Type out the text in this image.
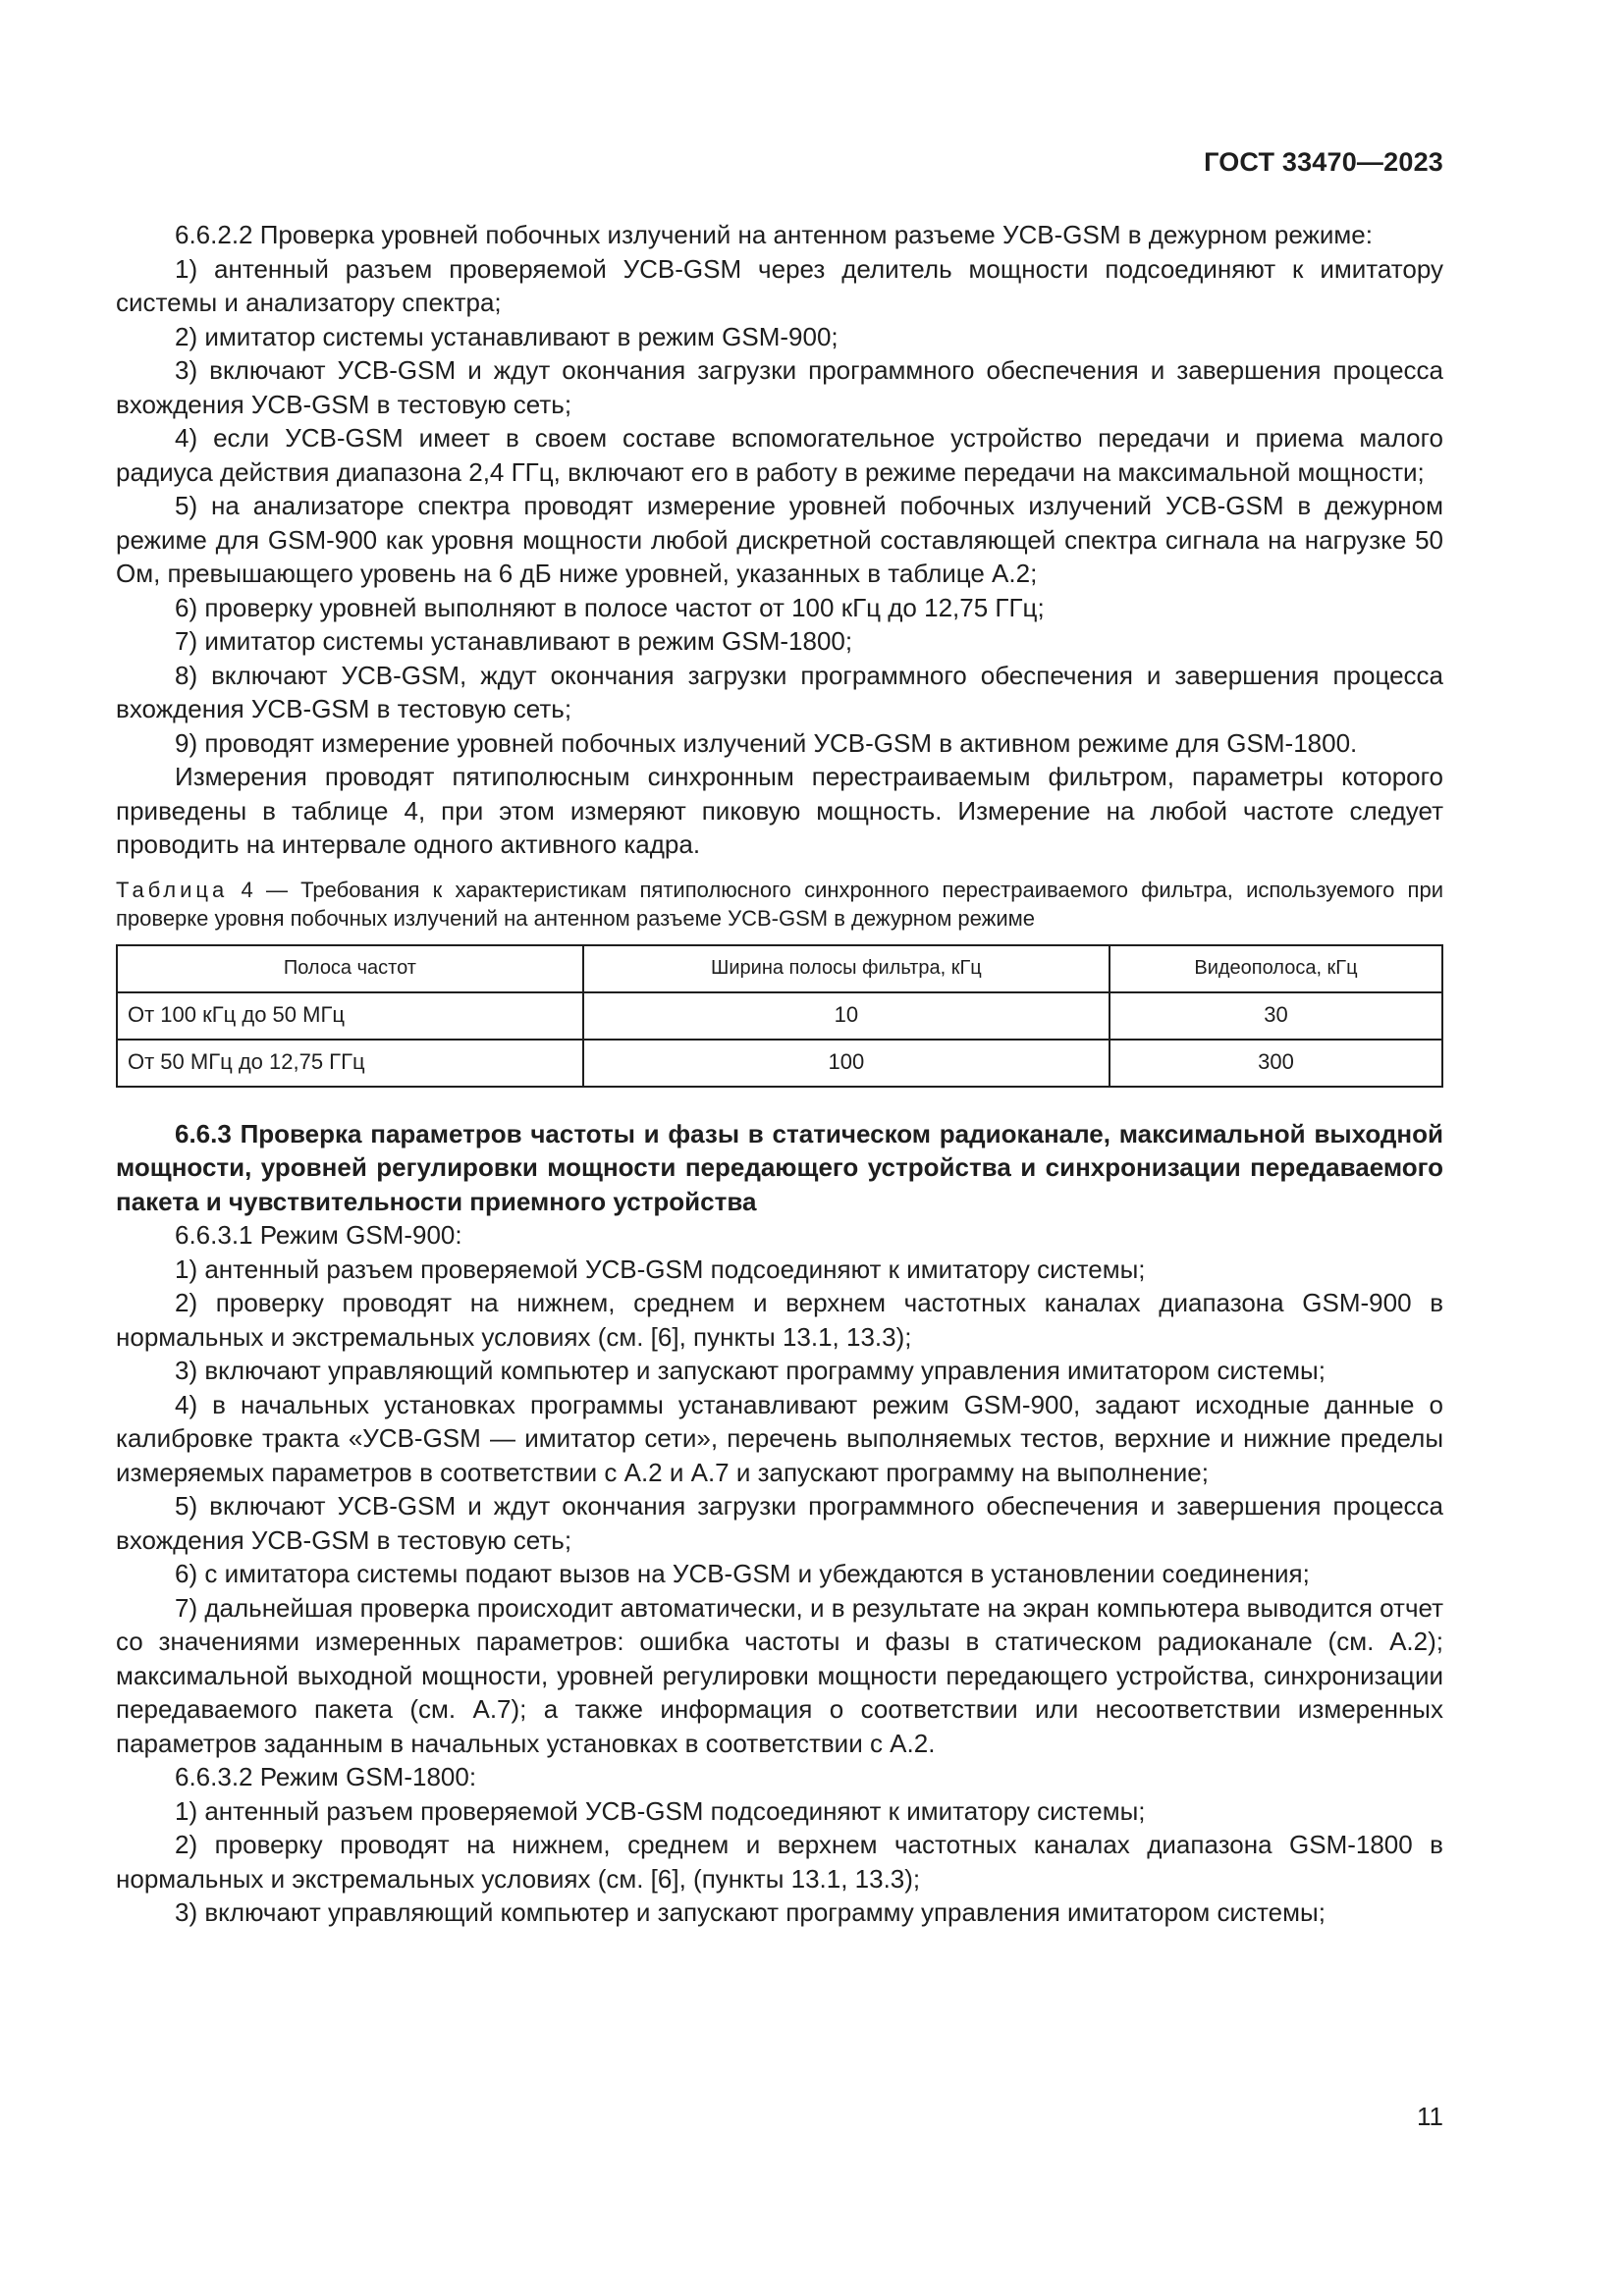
ГОСТ 33470—2023

6.6.2.2 Проверка уровней побочных излучений на антенном разъеме УСВ-GSM в дежурном режиме:

1) антенный разъем проверяемой УСВ-GSM через делитель мощности подсоединяют к имитатору системы и анализатору спектра;

2) имитатор системы устанавливают в режим GSM-900;

3) включают УСВ-GSM и ждут окончания загрузки программного обеспечения и завершения процесса вхождения УСВ-GSM в тестовую сеть;

4) если УСВ-GSM имеет в своем составе вспомогательное устройство передачи и приема малого радиуса действия диапазона 2,4 ГГц, включают его в работу в режиме передачи на максимальной мощности;

5) на анализаторе спектра проводят измерение уровней побочных излучений УСВ-GSM в дежурном режиме для GSM-900 как уровня мощности любой дискретной составляющей спектра сигнала на нагрузке 50 Ом, превышающего уровень на 6 дБ ниже уровней, указанных в таблице А.2;

6) проверку уровней выполняют в полосе частот от 100 кГц до 12,75 ГГц;

7) имитатор системы устанавливают в режим GSM-1800;

8) включают УСВ-GSM, ждут окончания загрузки программного обеспечения и завершения процесса вхождения УСВ-GSM в тестовую сеть;

9) проводят измерение уровней побочных излучений УСВ-GSM в активном режиме для GSM-1800.

Измерения проводят пятиполюсным синхронным перестраиваемым фильтром, параметры которого приведены в таблице 4, при этом измеряют пиковую мощность. Измерение на любой частоте следует проводить на интервале одного активного кадра.

Таблица 4 — Требования к характеристикам пятиполюсного синхронного перестраиваемого фильтра, используемого при проверке уровня побочных излучений на антенном разъеме УСВ-GSM в дежурном режиме
Полоса частот	Ширина полосы фильтра, кГц	Видеополоса, кГц
От 100 кГц до 50 МГц	10	30
От 50 МГц до 12,75 ГГц	100	300

6.6.3 Проверка параметров частоты и фазы в статическом радиоканале, максимальной выходной мощности, уровней регулировки мощности передающего устройства и синхронизации передаваемого пакета и чувствительности приемного устройства

6.6.3.1 Режим GSM-900:

1) антенный разъем проверяемой УСВ-GSM подсоединяют к имитатору системы;

2) проверку проводят на нижнем, среднем и верхнем частотных каналах диапазона GSM-900 в нормальных и экстремальных условиях (см. [6], пункты 13.1, 13.3);

3) включают управляющий компьютер и запускают программу управления имитатором системы;

4) в начальных установках программы устанавливают режим GSM-900, задают исходные данные о калибровке тракта «УСВ-GSM — имитатор сети», перечень выполняемых тестов, верхние и нижние пределы измеряемых параметров в соответствии с А.2 и А.7 и запускают программу на выполнение;

5) включают УСВ-GSM и ждут окончания загрузки программного обеспечения и завершения процесса вхождения УСВ-GSM в тестовую сеть;

6) с имитатора системы подают вызов на УСВ-GSM и убеждаются в установлении соединения;

7) дальнейшая проверка происходит автоматически, и в результате на экран компьютера выводится отчет со значениями измеренных параметров: ошибка частоты и фазы в статическом радиоканале (см. А.2); максимальной выходной мощности, уровней регулировки мощности передающего устройства, синхронизации передаваемого пакета (см. А.7); а также информация о соответствии или несоответствии измеренных параметров заданным в начальных установках в соответствии с А.2.

6.6.3.2 Режим GSM-1800:

1) антенный разъем проверяемой УСВ-GSM подсоединяют к имитатору системы;

2) проверку проводят на нижнем, среднем и верхнем частотных каналах диапазона GSM-1800 в нормальных и экстремальных условиях (см. [6], (пункты 13.1, 13.3);

3) включают управляющий компьютер и запускают программу управления имитатором системы;

11
